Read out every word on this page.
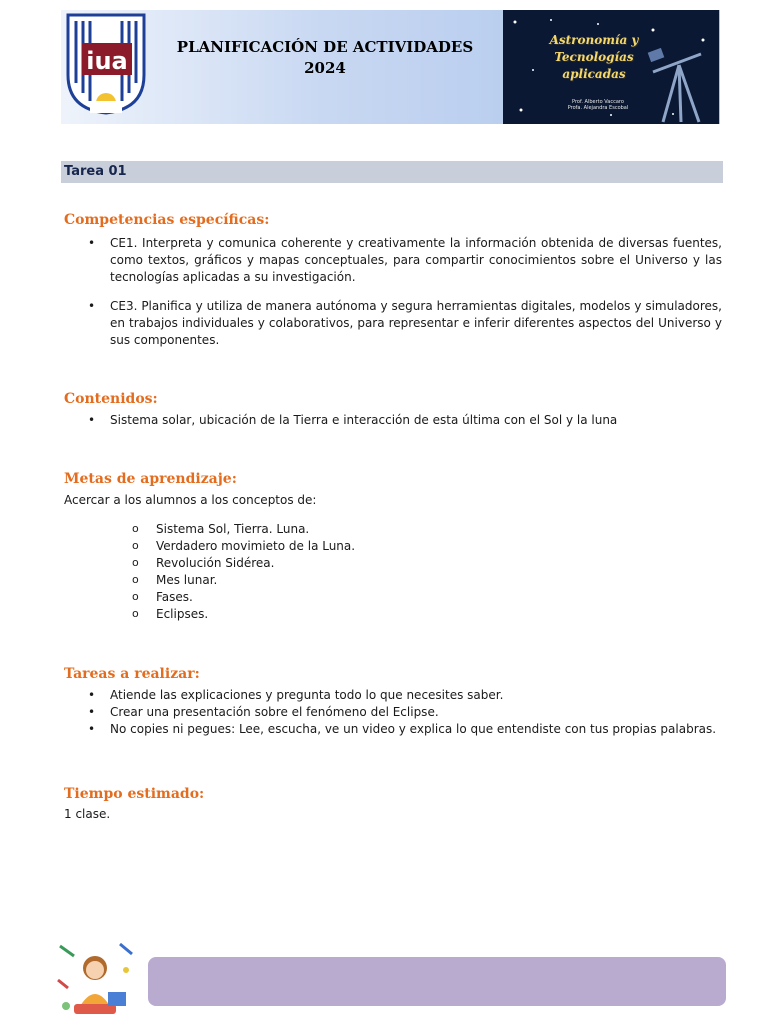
iua	PLANIFICACIÓN DE ACTIVIDADES
2024
Astronomía y
Tecnologías
aplicadas
Prof. Alberto Vaccaro
Profa. Alejandra Escobal
Tarea 01
Competencias específicas:
• CE1. Interpreta y comunica coherente y creativamente la información obtenida de diversas fuentes, como textos, gráficos y mapas conceptuales, para compartir conocimientos sobre el Universo y las tecnologías aplicadas a su investigación.
• CE3. Planifica y utiliza de manera autónoma y segura herramientas digitales, modelos y simuladores, en trabajos individuales y colaborativos, para representar e inferir diferentes aspectos del Universo y sus componentes.
Contenidos:
• Sistema solar, ubicación de la Tierra e interacción de esta última con el Sol y la luna
Metas de aprendizaje:
Acercar a los alumnos a los conceptos de:
o Sistema Sol, Tierra. Luna.
o Verdadero movimieto de la Luna.
o Revolución Sidérea.
o Mes lunar.
o Fases.
o Eclipses.
Tareas a realizar:
• Atiende las explicaciones y pregunta todo lo que necesites saber.
• Crear una presentación sobre el fenómeno del Eclipse.
• No copies ni pegues: Lee, escucha, ve un video y explica lo que entendiste con tus propias palabras.
Tiempo estimado:
1 clase.
